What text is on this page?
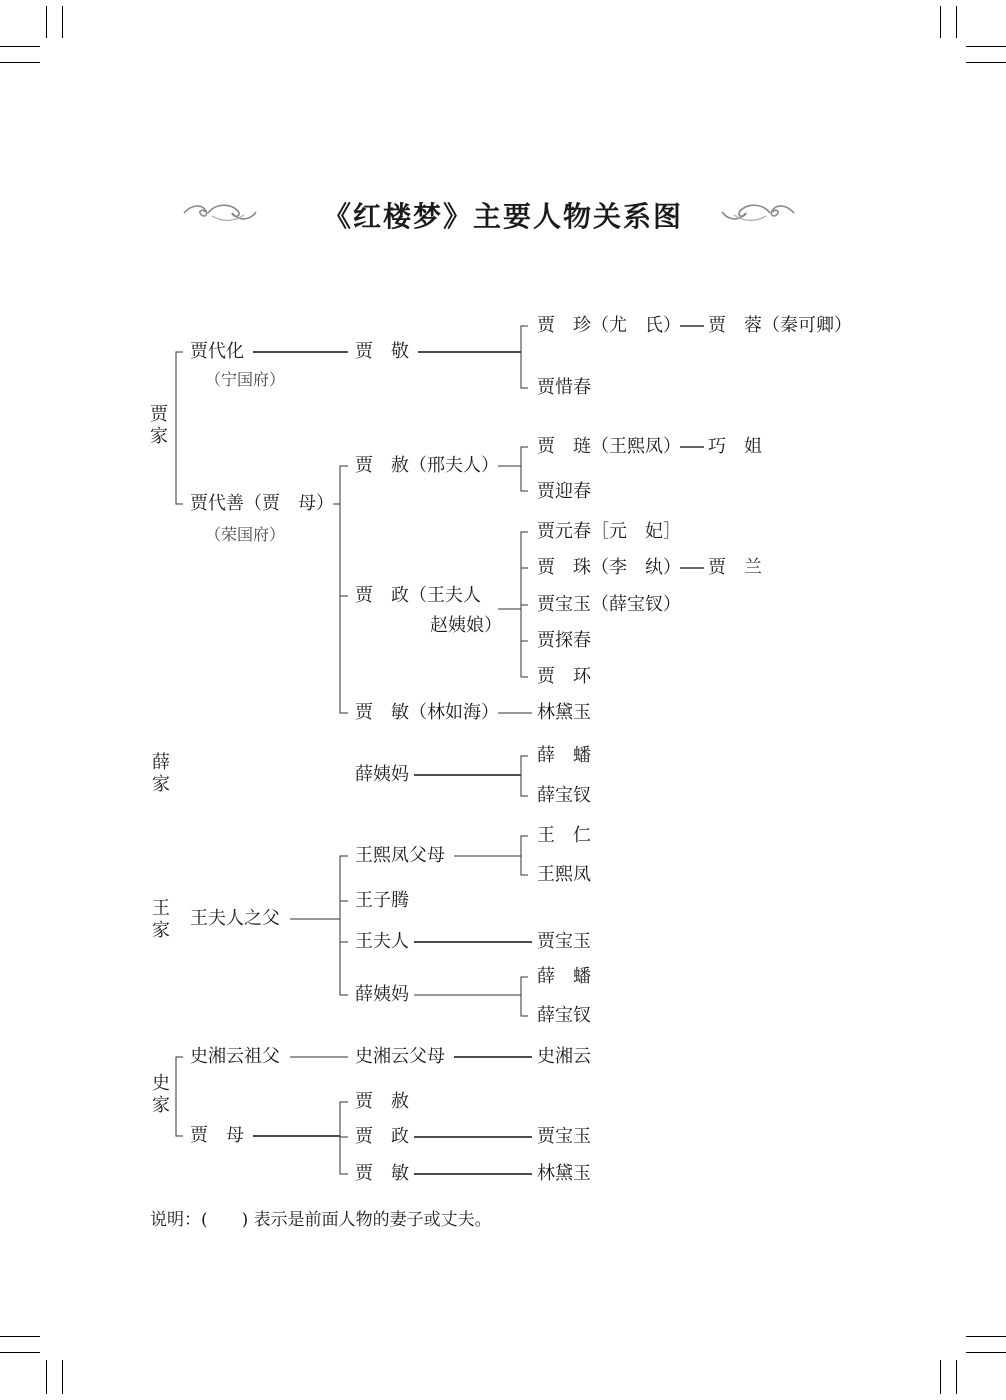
《红楼梦》主要人物关系图
贾
家
薛
家
王
家
史
家
贾代化
（宁国府）
贾　敬
贾　珍（尤　氏） 贾　蓉（秦可卿）
贾惜春
贾代善（贾　母）
（荣国府）
贾　赦（邢夫人）
贾　琏（王熙凤） 巧　姐
贾迎春
贾　政（王夫人
赵姨娘）
贾元春［元　妃］
贾　珠（李　纨） 贾　兰
贾宝玉（薛宝钗）
贾探春
贾　环
贾　敏（林如海） 林黛玉
薛姨妈
薛　蟠
薛宝钗
王夫人之父
王熙凤父母
王　仁
王熙凤
王子腾
王夫人	贾宝玉
薛姨妈
薛　蟠
薛宝钗
史湘云祖父	史湘云父母	史湘云
贾　母
贾　赦
贾　政
贾　敏
贾宝玉
林黛玉
说明：(　　) 表示是前面人物的妻子或丈夫。
